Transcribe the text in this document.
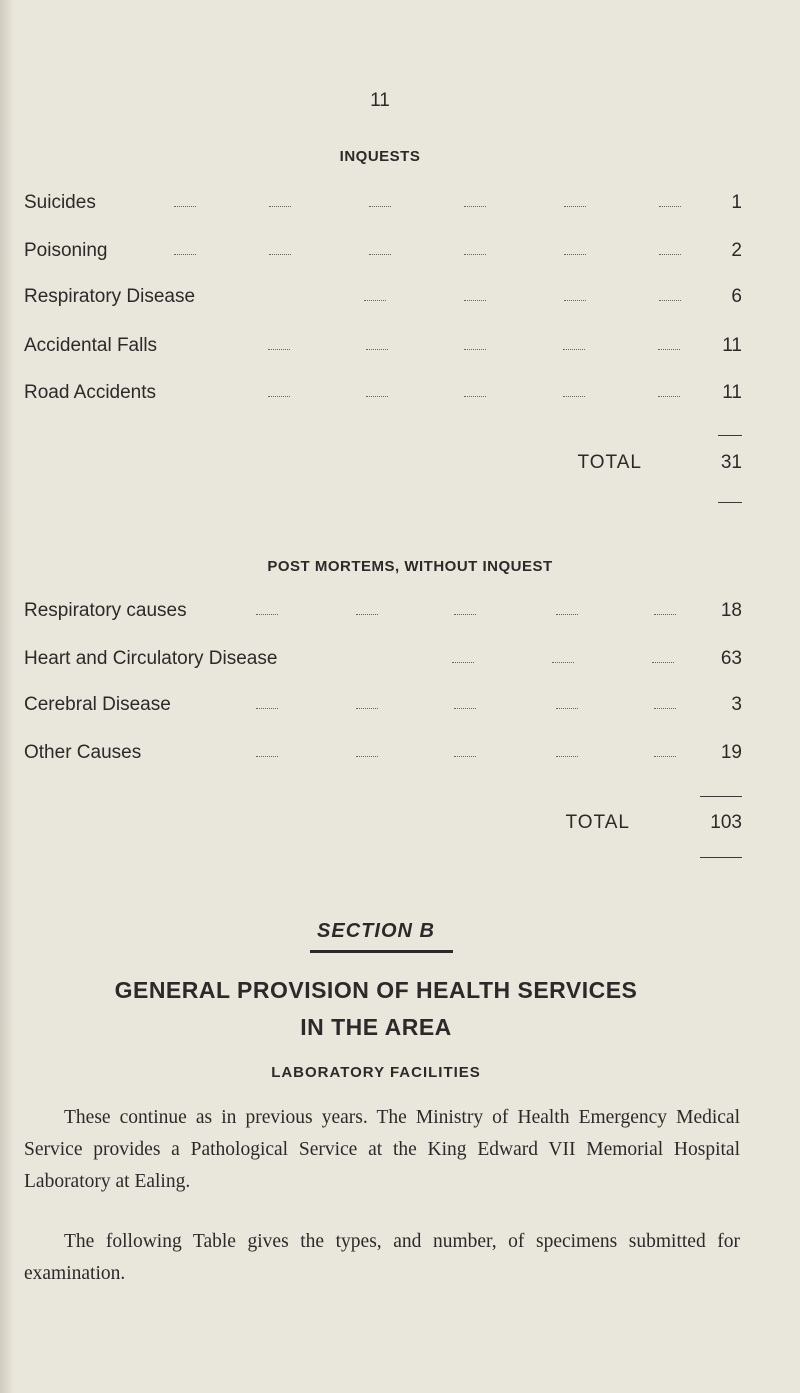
11
INQUESTS
Suicides	1
Poisoning	2
Respiratory Disease	6
Accidental Falls	11
Road Accidents	11
TOTAL	31
POST MORTEMS, WITHOUT INQUEST
Respiratory causes	18
Heart and Circulatory Disease	63
Cerebral Disease	3
Other Causes	19
TOTAL	103
SECTION B
GENERAL PROVISION OF HEALTH SERVICES
IN THE AREA
LABORATORY FACILITIES

These continue as in previous years. The Ministry of Health Emergency Medical Service provides a Pathological Service at the King Edward VII Memorial Hospital Laboratory at Ealing.

The following Table gives the types, and number, of specimens submitted for examination.
